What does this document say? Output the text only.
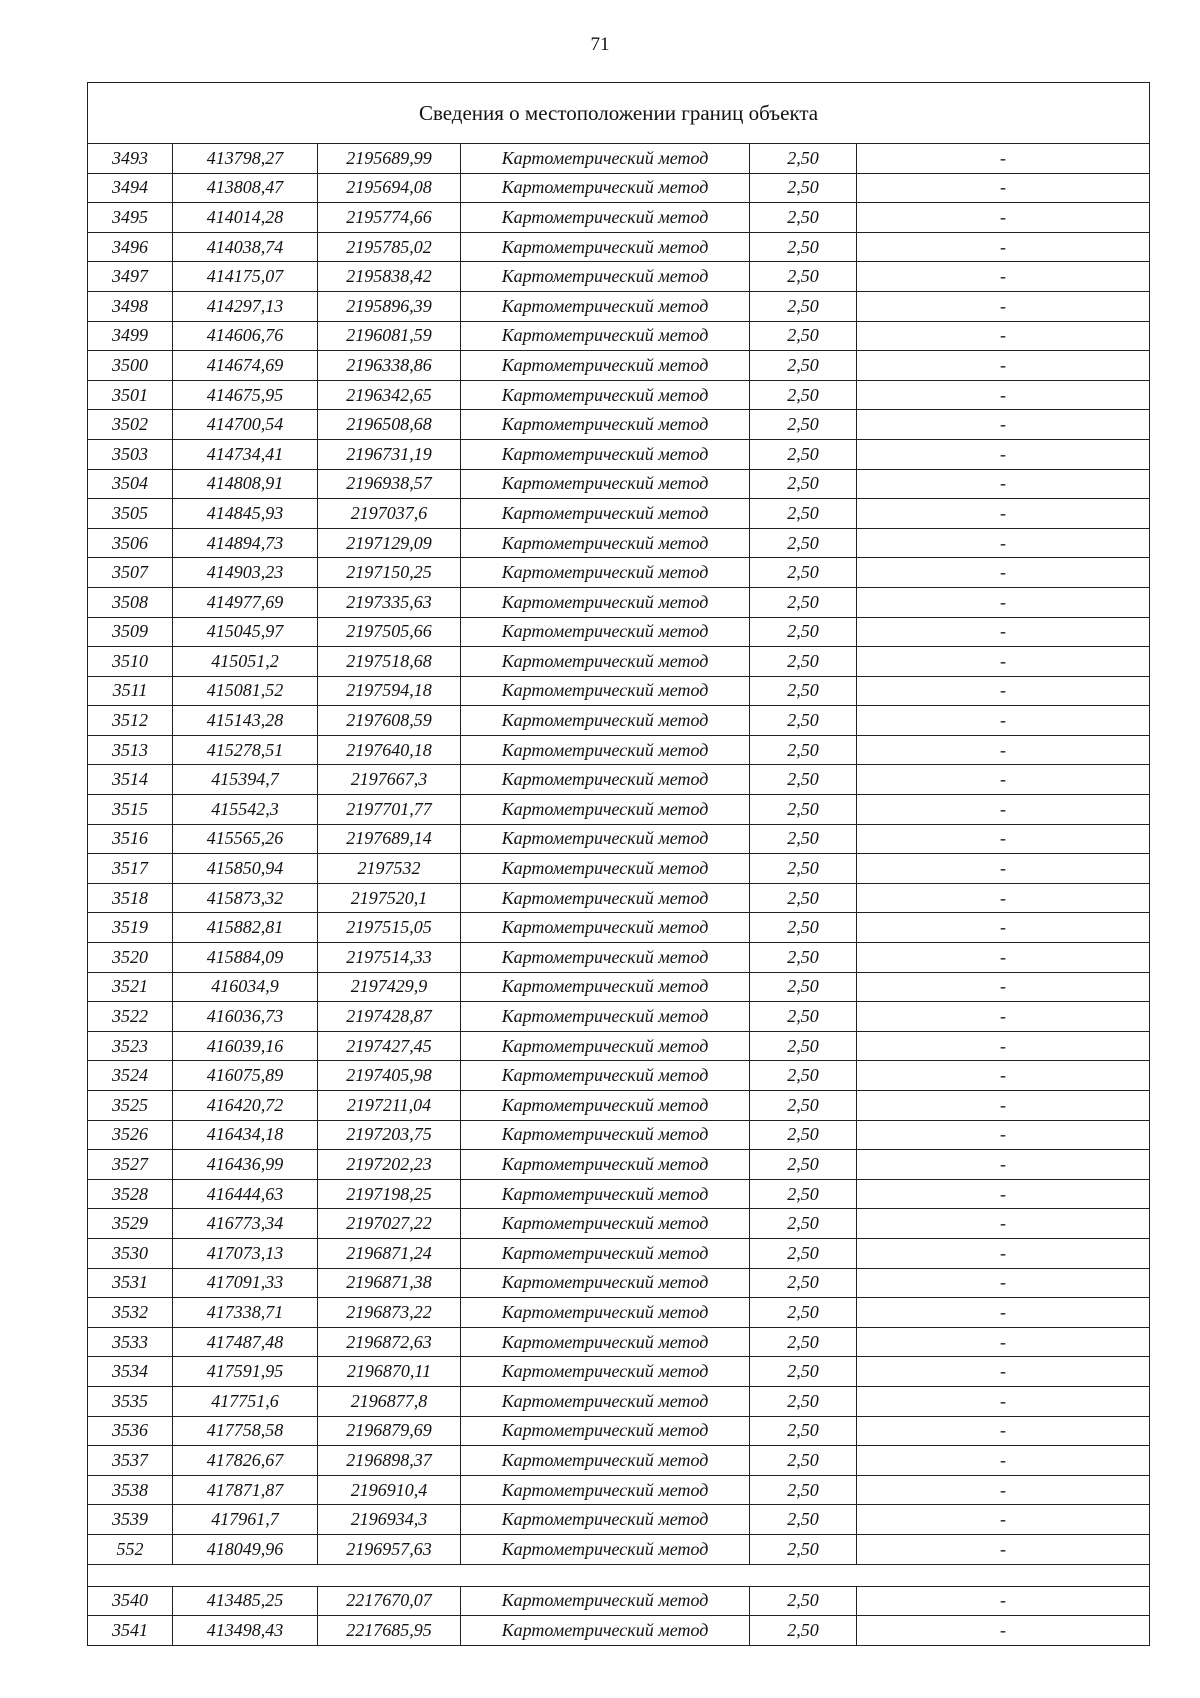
71
Сведения о местоположении границ объекта					
3493	413798,27	2195689,99	Картометрический метод	2,50	-
3494	413808,47	2195694,08	Картометрический метод	2,50	-
3495	414014,28	2195774,66	Картометрический метод	2,50	-
3496	414038,74	2195785,02	Картометрический метод	2,50	-
3497	414175,07	2195838,42	Картометрический метод	2,50	-
3498	414297,13	2195896,39	Картометрический метод	2,50	-
3499	414606,76	2196081,59	Картометрический метод	2,50	-
3500	414674,69	2196338,86	Картометрический метод	2,50	-
3501	414675,95	2196342,65	Картометрический метод	2,50	-
3502	414700,54	2196508,68	Картометрический метод	2,50	-
3503	414734,41	2196731,19	Картометрический метод	2,50	-
3504	414808,91	2196938,57	Картометрический метод	2,50	-
3505	414845,93	2197037,6	Картометрический метод	2,50	-
3506	414894,73	2197129,09	Картометрический метод	2,50	-
3507	414903,23	2197150,25	Картометрический метод	2,50	-
3508	414977,69	2197335,63	Картометрический метод	2,50	-
3509	415045,97	2197505,66	Картометрический метод	2,50	-
3510	415051,2	2197518,68	Картометрический метод	2,50	-
3511	415081,52	2197594,18	Картометрический метод	2,50	-
3512	415143,28	2197608,59	Картометрический метод	2,50	-
3513	415278,51	2197640,18	Картометрический метод	2,50	-
3514	415394,7	2197667,3	Картометрический метод	2,50	-
3515	415542,3	2197701,77	Картометрический метод	2,50	-
3516	415565,26	2197689,14	Картометрический метод	2,50	-
3517	415850,94	2197532	Картометрический метод	2,50	-
3518	415873,32	2197520,1	Картометрический метод	2,50	-
3519	415882,81	2197515,05	Картометрический метод	2,50	-
3520	415884,09	2197514,33	Картометрический метод	2,50	-
3521	416034,9	2197429,9	Картометрический метод	2,50	-
3522	416036,73	2197428,87	Картометрический метод	2,50	-
3523	416039,16	2197427,45	Картометрический метод	2,50	-
3524	416075,89	2197405,98	Картометрический метод	2,50	-
3525	416420,72	2197211,04	Картометрический метод	2,50	-
3526	416434,18	2197203,75	Картометрический метод	2,50	-
3527	416436,99	2197202,23	Картометрический метод	2,50	-
3528	416444,63	2197198,25	Картометрический метод	2,50	-
3529	416773,34	2197027,22	Картометрический метод	2,50	-
3530	417073,13	2196871,24	Картометрический метод	2,50	-
3531	417091,33	2196871,38	Картометрический метод	2,50	-
3532	417338,71	2196873,22	Картометрический метод	2,50	-
3533	417487,48	2196872,63	Картометрический метод	2,50	-
3534	417591,95	2196870,11	Картометрический метод	2,50	-
3535	417751,6	2196877,8	Картометрический метод	2,50	-
3536	417758,58	2196879,69	Картометрический метод	2,50	-
3537	417826,67	2196898,37	Картометрический метод	2,50	-
3538	417871,87	2196910,4	Картометрический метод	2,50	-
3539	417961,7	2196934,3	Картометрический метод	2,50	-
552	418049,96	2196957,63	Картометрический метод	2,50	-

3540	413485,25	2217670,07	Картометрический метод	2,50	-
3541	413498,43	2217685,95	Картометрический метод	2,50	-
